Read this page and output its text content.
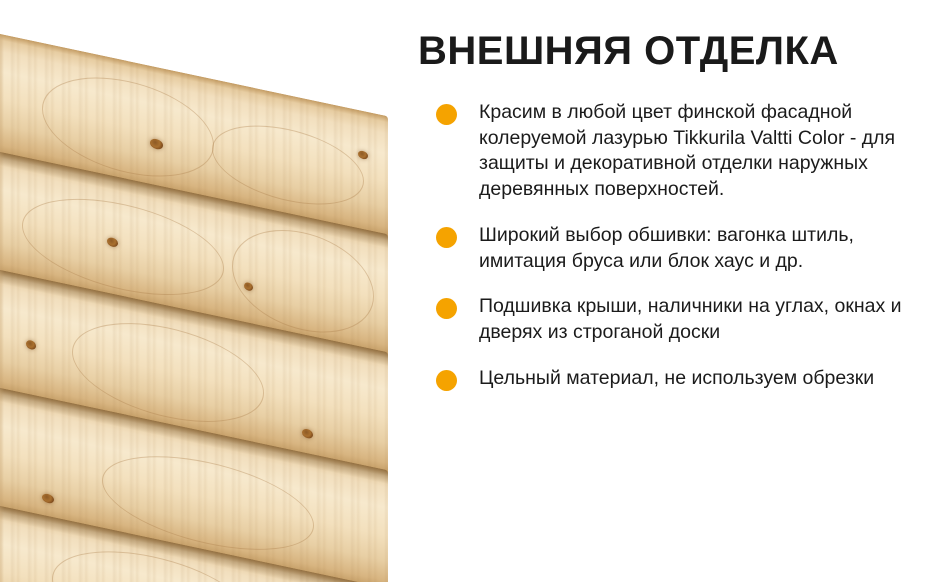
ВНЕШНЯЯ ОТДЕЛКА
Красим в любой цвет финской фасадной колеруемой лазурью Tikkurila Valtti Color - для защиты и декоративной отделки наружных деревянных поверхностей.
Широкий выбор обшивки: вагонка штиль, имитация бруса или блок хаус и др.
Подшивка крыши, наличники на углах, окнах и дверях из строганой доски
Цельный материал, не используем обрезки
